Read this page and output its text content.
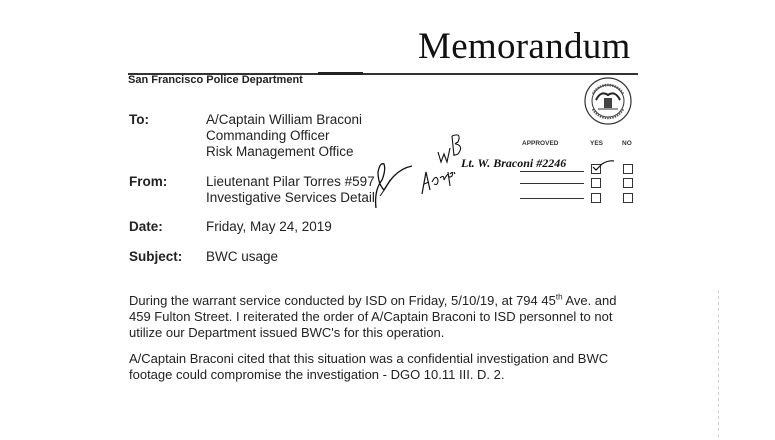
Memorandum
San Francisco Police Department
To:	A/Captain William Braconi
Commanding Officer
Risk Management Office
From:	Lieutenant Pilar Torres #597
Investigative Services Detail
Date:	Friday, May 24, 2019
Subject: BWC usage
APPROVED	YES	NO
Lt. W. Braconi #2246
During the warrant service conducted by ISD on Friday, 5/10/19, at 794 45th Ave. and
459 Fulton Street. I reiterated the order of A/Captain Braconi to ISD personnel to not
utilize our Department issued BWC's for this operation.
A/Captain Braconi cited that this situation was a confidential investigation and BWC
footage could compromise the investigation - DGO 10.11 III. D. 2.
